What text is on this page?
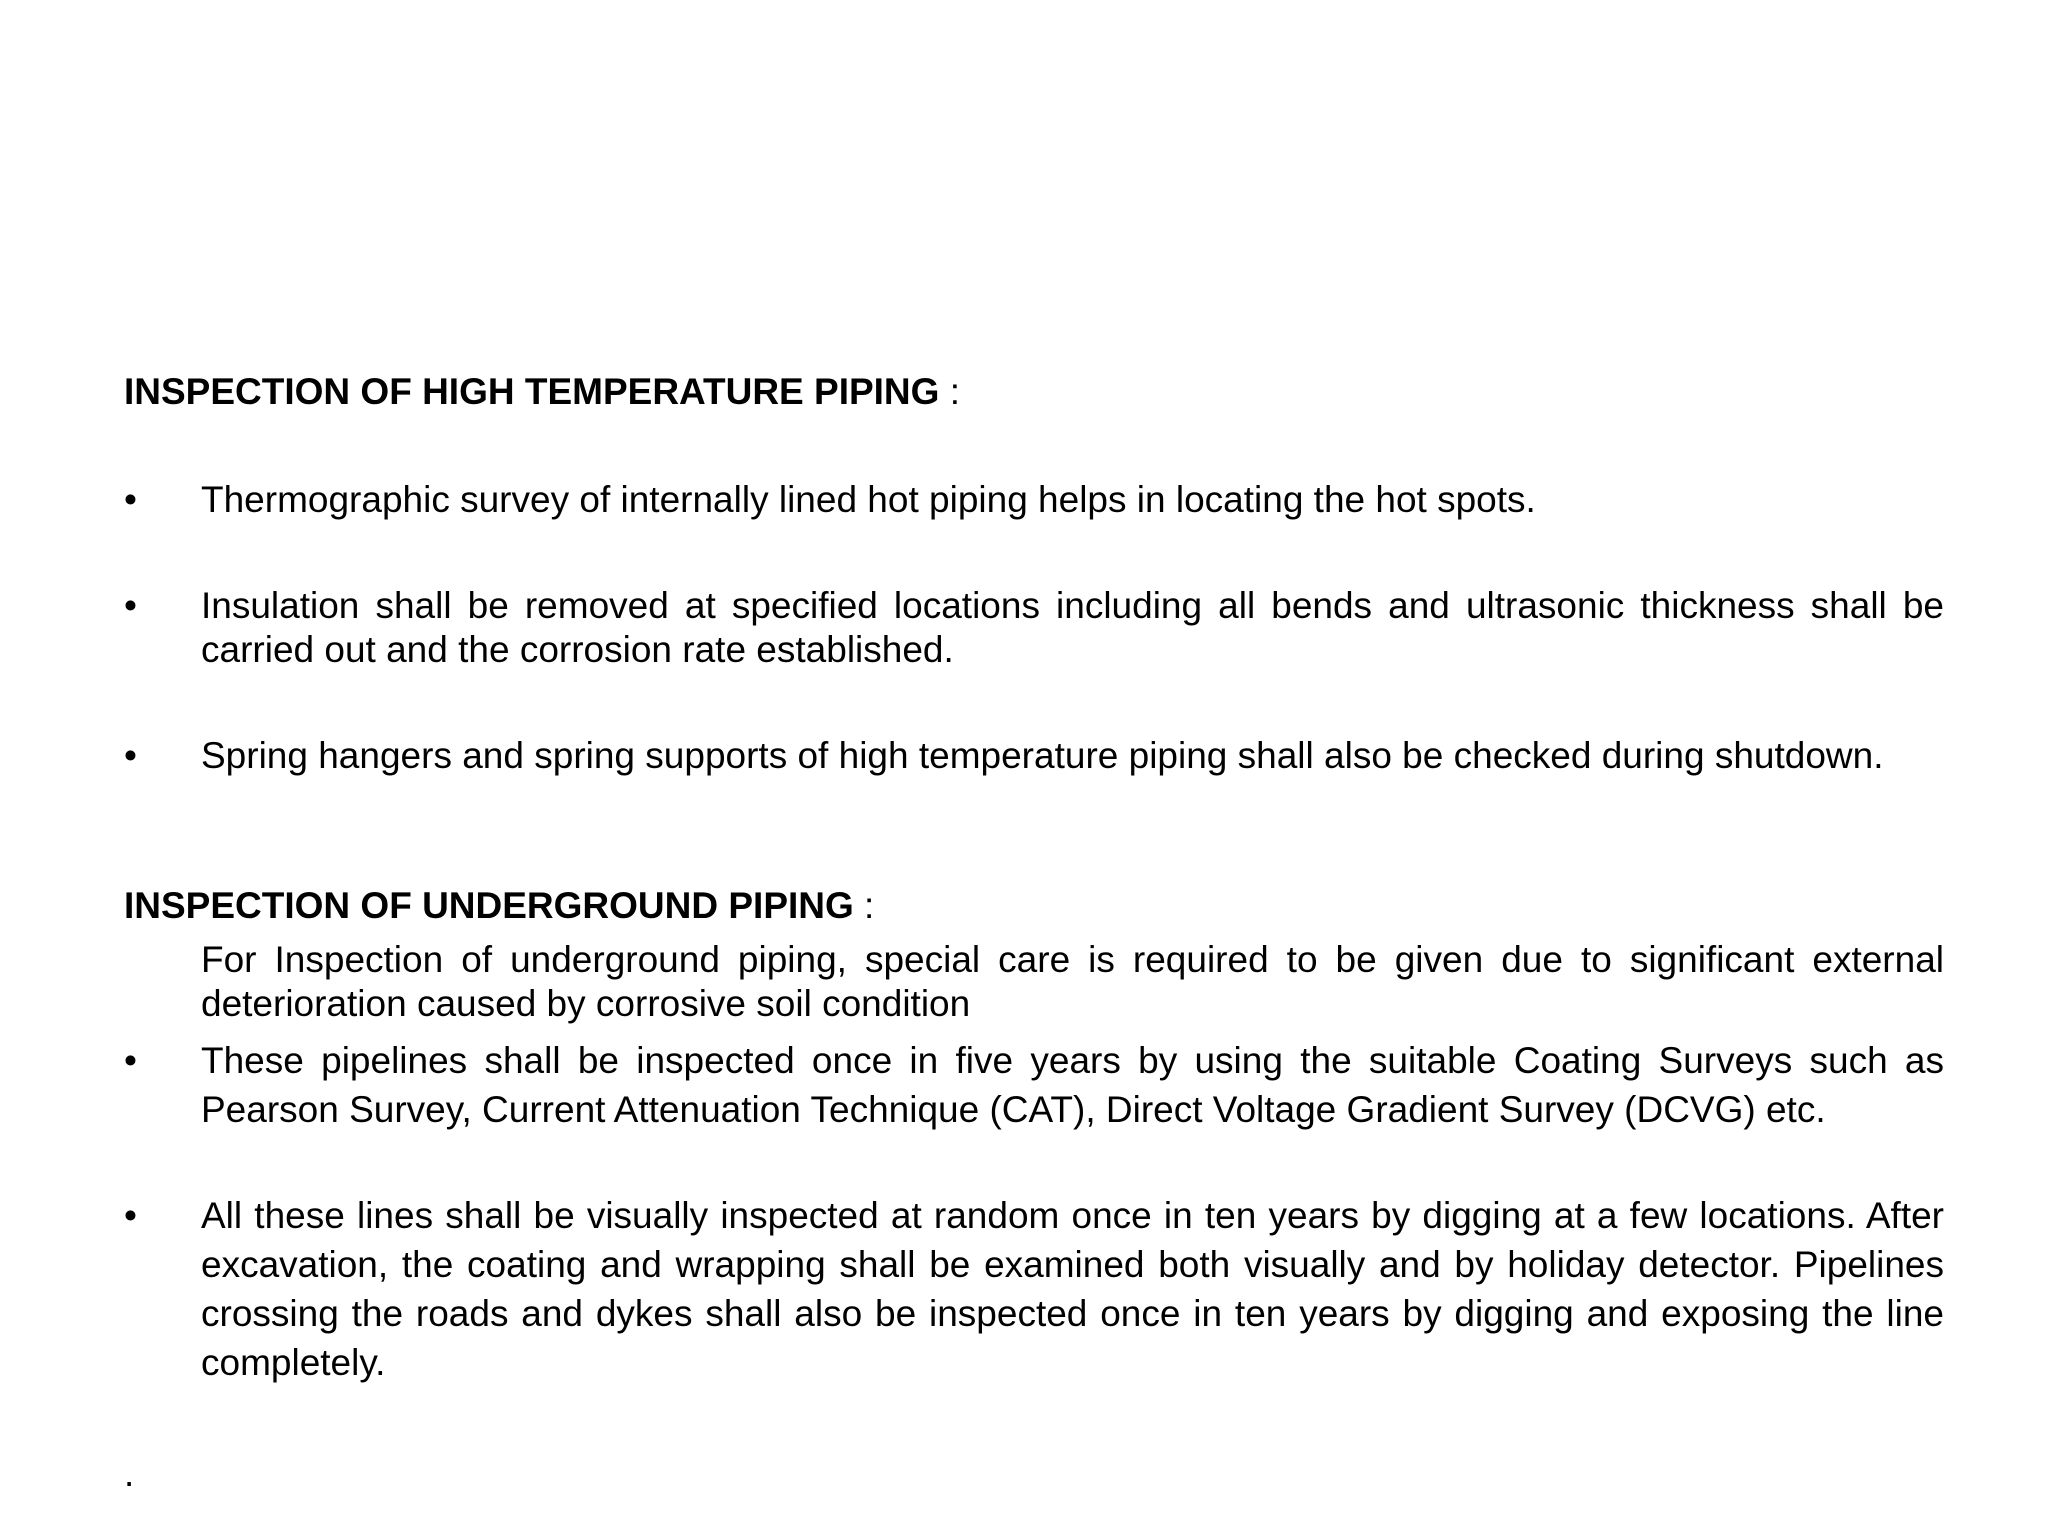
INSPECTION OF HIGH TEMPERATURE PIPING :

•	Thermographic survey of internally lined hot piping helps in locating the hot spots.
•	Insulation shall be removed at specified locations including all bends and ultrasonic thickness shall be carried out and the corrosion rate established.
•	Spring hangers and spring supports of high temperature piping shall also be checked during shutdown.

INSPECTION OF UNDERGROUND PIPING :

For Inspection of underground piping, special care is required to be given due to significant external deterioration caused by corrosive soil condition
•	These pipelines shall be inspected once in five years by using the suitable Coating Surveys such as Pearson Survey, Current Attenuation Technique (CAT), Direct Voltage Gradient Survey (DCVG) etc.
•	All these lines shall be visually inspected at random once in ten years by digging at a few locations. After excavation, the coating and wrapping shall be examined both visually and by holiday detector. Pipelines crossing the roads and dykes shall also be inspected once in ten years by digging and exposing the line completely.
.
